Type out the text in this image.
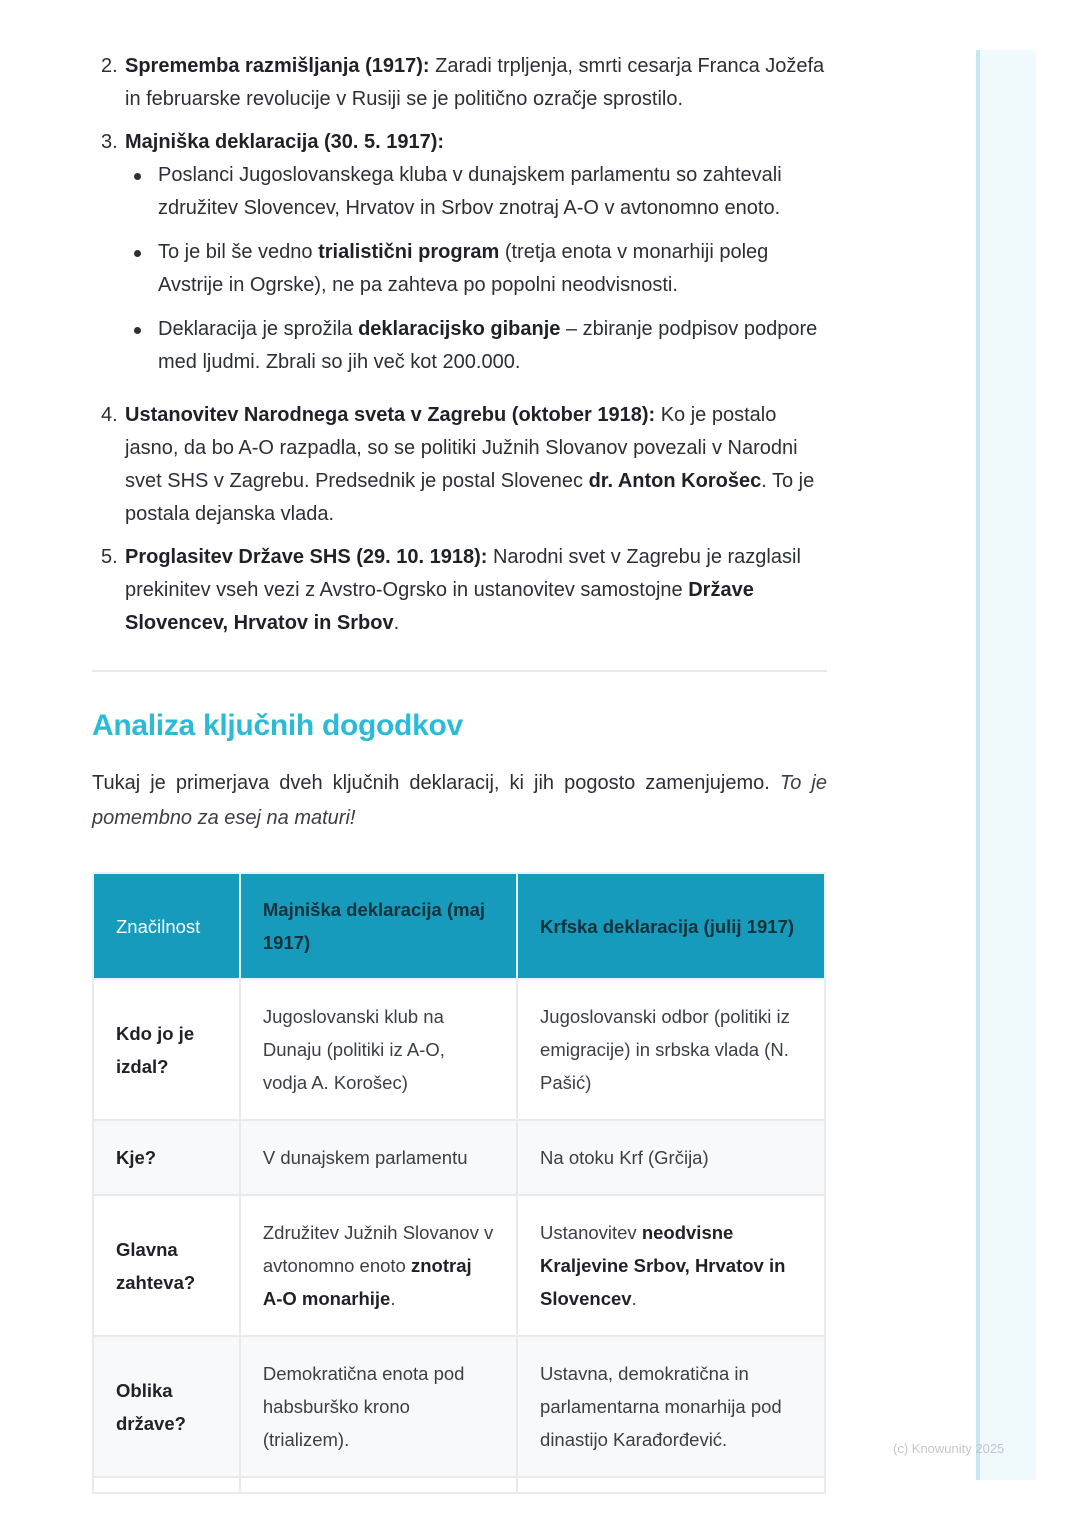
2. Sprememba razmišljanja (1917): Zaradi trpljenja, smrti cesarja Franca Jožefa in februarske revolucije v Rusiji se je politično ozračje sprostilo.
3. Majniška deklaracija (30. 5. 1917):
Poslanci Jugoslovanskega kluba v dunajskem parlamentu so zahtevali združitev Slovencev, Hrvatov in Srbov znotraj A-O v avtonomno enoto.
To je bil še vedno trialistični program (tretja enota v monarhiji poleg Avstrije in Ogrske), ne pa zahteva po popolni neodvisnosti.
Deklaracija je sprožila deklaracijsko gibanje – zbiranje podpisov podpore med ljudmi. Zbrali so jih več kot 200.000.
4. Ustanovitev Narodnega sveta v Zagrebu (oktober 1918): Ko je postalo jasno, da bo A-O razpadla, so se politiki Južnih Slovanov povezali v Narodni svet SHS v Zagrebu. Predsednik je postal Slovenec dr. Anton Korošec. To je postala dejanska vlada.
5. Proglasitev Države SHS (29. 10. 1918): Narodni svet v Zagrebu je razglasil prekinitev vseh vezi z Avstro-Ogrsko in ustanovitev samostojne Države Slovencev, Hrvatov in Srbov.
Analiza ključnih dogodkov

Tukaj je primerjava dveh ključnih deklaracij, ki jih pogosto zamenjujemo. To je pomembno za esej na maturi!

Značilnost	Majniška deklaracija (maj 1917)	Krfska deklaracija (julij 1917)
Kdo jo je izdal?	Jugoslovanski klub na Dunaju (politiki iz A-O, vodja A. Korošec)	Jugoslovanski odbor (politiki iz emigracije) in srbska vlada (N. Pašić)
Kje?	V dunajskem parlamentu	Na otoku Krf (Grčija)
Glavna zahteva?	Združitev Južnih Slovanov v avtonomno enoto znotraj A-O monarhije.	Ustanovitev neodvisne Kraljevine Srbov, Hrvatov in Slovencev.
Oblika države?	Demokratična enota pod habsburško krono (trializem).	Ustavna, demokratična in parlamentarna monarhija pod dinastijo Karađorđević.
			(c) Knowunity 2025
